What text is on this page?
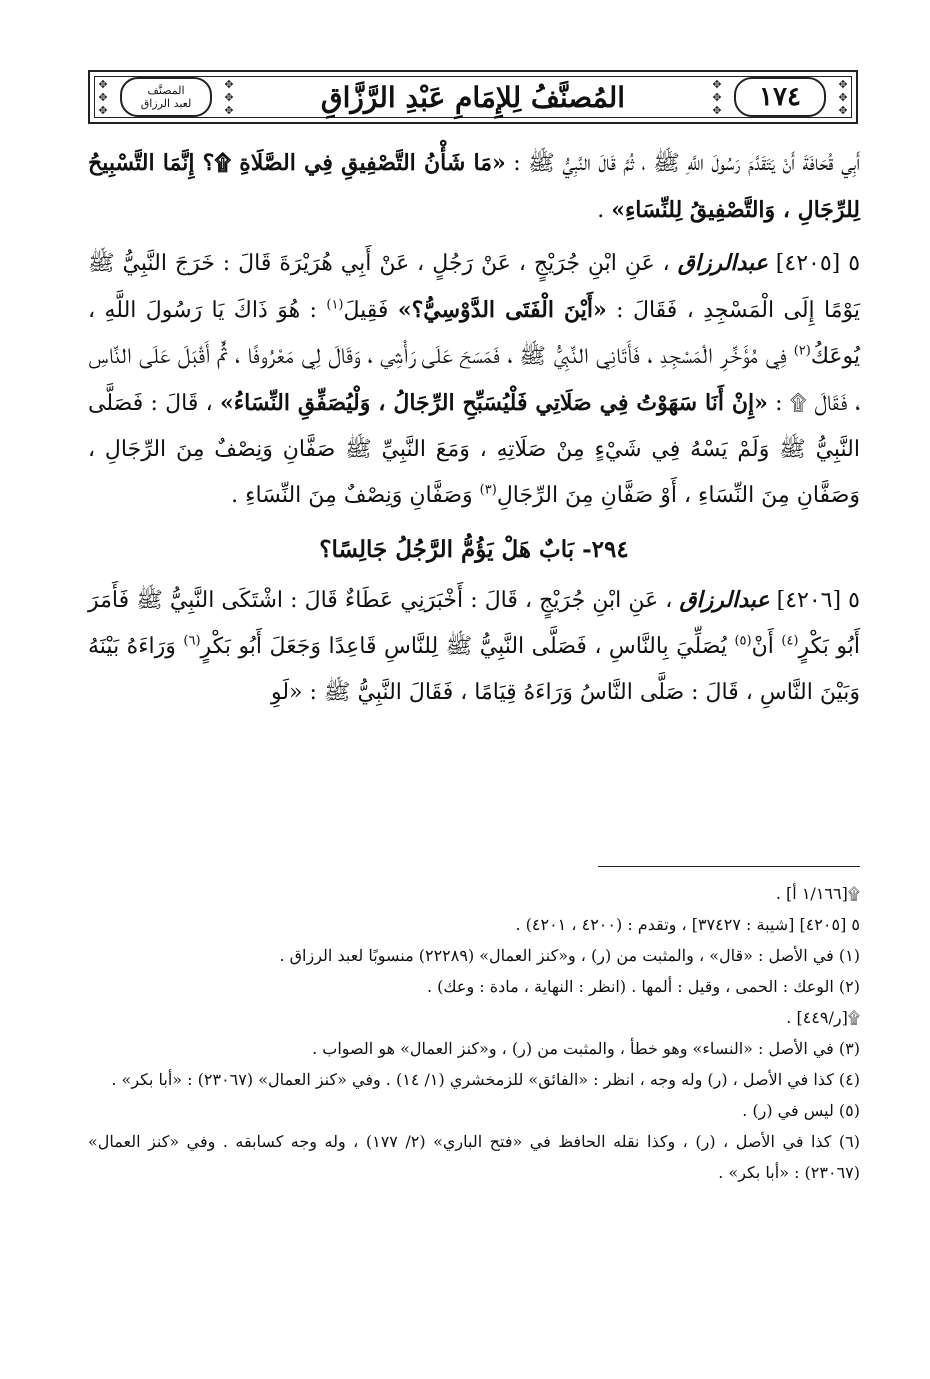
✥
✥
✥
١٧٤
✥
✥
✥
المُصنَّفُ لِلإِمَامِ عَبْدِ الرَّزَّاقِ
✥
✥
✥
المصنَّف
لعبد الرزاق
✥
✥
✥

أَبِي قُحَافَةَ أَنْ يَتَقَدَّمَ رَسُولَ اللَّهِ ﷺ ، ثُمَّ قَالَ النَّبِيُّ ﷺ : «مَا شَأْنُ التَّصْفِيقِ فِي الصَّلَاةِ ۩؟ إِنَّمَا التَّسْبِيحُ لِلرِّجَالِ ، وَالتَّصْفِيقُ لِلنِّسَاءِ» .

٥ [٤٢٠٥] عبدالرزاق ، عَنِ ابْنِ جُرَيْجٍ ، عَنْ رَجُلٍ ، عَنْ أَبِي هُرَيْرَةَ قَالَ : خَرَجَ النَّبِيُّ ﷺ يَوْمًا إِلَى الْمَسْجِدِ ، فَقَالَ : «أَيْنَ الْفَتَى الدَّوْسِيُّ؟» فَقِيلَ$^{(١)}$ : هُوَ ذَاكَ يَا رَسُولَ اللَّهِ ، يُوعَكُ$^{(٢)}$ فِي مُؤَخَّرِ الْمَسْجِدِ ، فَأَتَانِي النَّبِيُّ ﷺ ، فَمَسَحَ عَلَى رَأْسِي ، وَقَالَ لِي مَعْرُوفًا ، ثُمَّ أَقْبَلَ عَلَى النَّاسِ ، فَقَالَ ۩ : «إِنْ أَنَا سَهَوْتُ فِي صَلَاتِي فَلْيُسَبِّحِ الرِّجَالُ ، وَلْيُصَفِّقِ النِّسَاءُ» ، قَالَ : فَصَلَّى النَّبِيُّ ﷺ وَلَمْ يَسْهُ فِي شَيْءٍ مِنْ صَلَاتِهِ ، وَمَعَ النَّبِيِّ ﷺ صَفَّانِ وَنِصْفٌ مِنَ الرِّجَالِ ، وَصَفَّانِ مِنَ النِّسَاءِ ، أَوْ صَفَّانِ مِنَ الرِّجَالِ$^{(٣)}$ وَصَفَّانِ وَنِصْفٌ مِنَ النِّسَاءِ .

٢٩٤- بَابٌ هَلْ يَؤُمُّ الرَّجُلُ جَالِسًا؟

٥ [٤٢٠٦] عبدالرزاق ، عَنِ ابْنِ جُرَيْجٍ ، قَالَ : أَخْبَرَنِي عَطَاءٌ قَالَ : اشْتَكَى النَّبِيُّ ﷺ فَأَمَرَ أَبُو بَكْرٍ$^{(٤)}$ أَنْ$^{(٥)}$ يُصَلِّيَ بِالنَّاسِ ، فَصَلَّى النَّبِيُّ ﷺ لِلنَّاسِ قَاعِدًا وَجَعَلَ أَبُو بَكْرٍ$^{(٦)}$ وَرَاءَهُ بَيْنَهُ وَبَيْنَ النَّاسِ ، قَالَ : صَلَّى النَّاسُ وَرَاءَهُ قِيَامًا ، فَقَالَ النَّبِيُّ ﷺ : «لَوِ

۩[١/١٦٦ أ] .

٥ [٤٢٠٥] [شيبة : ٣٧٤٢٧] ، وتقدم : (٤٢٠٠ ، ٤٢٠١) .

(١) في الأصل : «قال» ، والمثبت من (ر) ، و«كنز العمال» (٢٢٢٨٩) منسوبًا لعبد الرزاق .

(٢) الوعك : الحمى ، وقيل : ألمها . (انظر : النهاية ، مادة : وعك) .

۩[ر/٤٤٩] .

(٣) في الأصل : «النساء» وهو خطأ ، والمثبت من (ر) ، و«كنز العمال» هو الصواب .

(٤) كذا في الأصل ، (ر) وله وجه ، انظر : «الفائق» للزمخشري (١/ ١٤) . وفي «كنز العمال» (٢٣٠٦٧) : «أبا بكر» .

(٥) ليس في (ر) .

(٦) كذا في الأصل ، (ر) ، وكذا نقله الحافظ في «فتح الباري» (٢/ ١٧٧) ، وله وجه كسابقه . وفي «كنز العمال» (٢٣٠٦٧) : «أبا بكر» .
